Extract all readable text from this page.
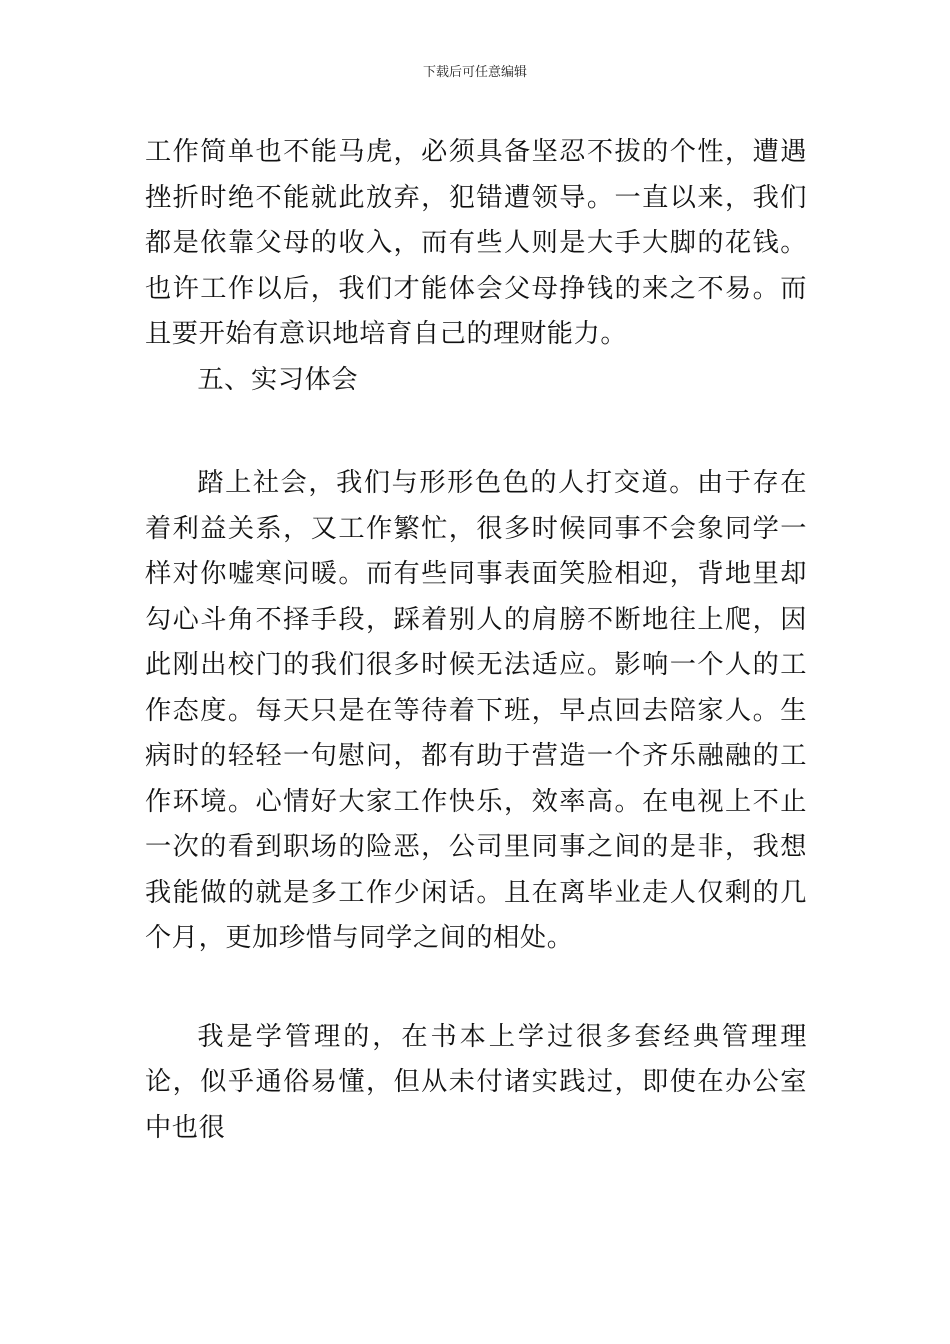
下载后可任意编辑

工作简单也不能马虎，必须具备坚忍不拔的个性，遭遇挫折时绝不能就此放弃，犯错遭领导。一直以来，我们都是依靠父母的收入，而有些人则是大手大脚的花钱。也许工作以后，我们才能体会父母挣钱的来之不易。而且要开始有意识地培育自己的理财能力。

五、实习体会

踏上社会，我们与形形色色的人打交道。由于存在着利益关系，又工作繁忙，很多时候同事不会象同学一样对你嘘寒问暖。而有些同事表面笑脸相迎，背地里却勾心斗角不择手段，踩着别人的肩膀不断地往上爬，因此刚出校门的我们很多时候无法适应。影响一个人的工作态度。每天只是在等待着下班，早点回去陪家人。生病时的轻轻一句慰问，都有助于营造一个齐乐融融的工作环境。心情好大家工作快乐，效率高。在电视上不止一次的看到职场的险恶，公司里同事之间的是非，我想我能做的就是多工作少闲话。且在离毕业走人仅剩的几个月，更加珍惜与同学之间的相处。

我是学管理的，在书本上学过很多套经典管理理论，似乎通俗易懂，但从未付诸实践过，即使在办公室中也很
